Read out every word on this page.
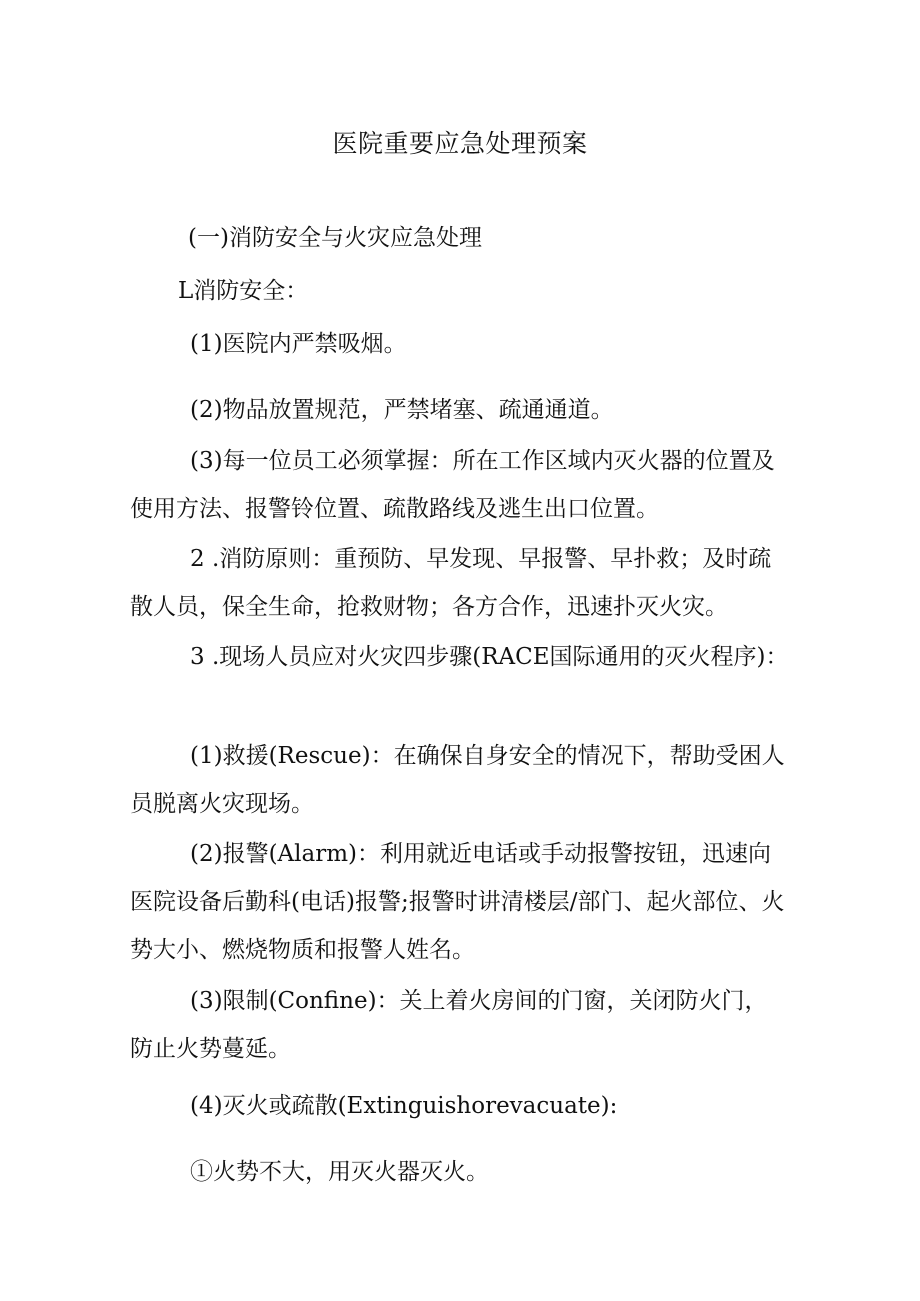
医院重要应急处理预案
(一)消防安全与火灾应急处理
L消防安全：
(1)医院内严禁吸烟。
(2)物品放置规范，严禁堵塞、疏通通道。
(3)每一位员工必须掌握：所在工作区域内灭火器的位置及使用方法、报警铃位置、疏散路线及逃生出口位置。
2 .消防原则：重预防、早发现、早报警、早扑救；及时疏散人员，保全生命，抢救财物；各方合作，迅速扑灭火灾。
3 .现场人员应对火灾四步骤(RACE国际通用的灭火程序)：
(1)救援(Rescue)：在确保自身安全的情况下，帮助受困人员脱离火灾现场。
(2)报警(Alarm)：利用就近电话或手动报警按钮，迅速向医院设备后勤科(电话)报警;报警时讲清楼层/部门、起火部位、火势大小、燃烧物质和报警人姓名。
(3)限制(Confine)：关上着火房间的门窗，关闭防火门，防止火势蔓延。
(4)灭火或疏散(Extinguishorevacuate):
①火势不大，用灭火器灭火。
